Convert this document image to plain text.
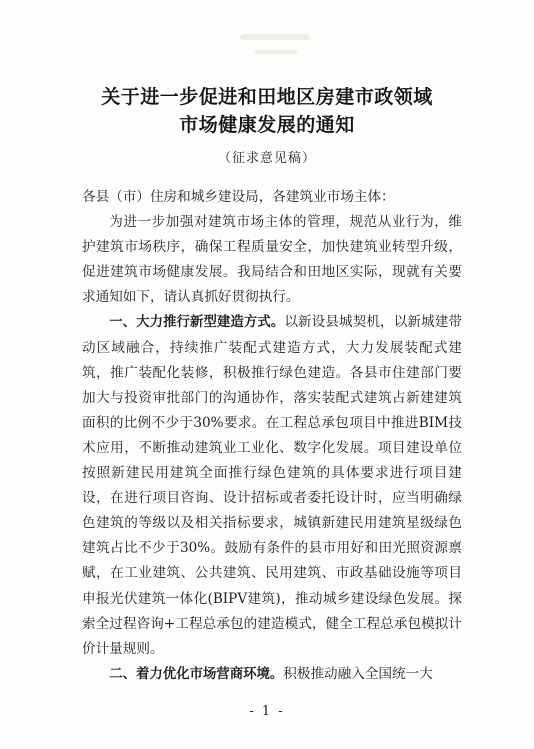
关于进一步促进和田地区房建市政领域
市场健康发展的通知
（征求意见稿）

各县（市）住房和城乡建设局，各建筑业市场主体：

为进一步加强对建筑市场主体的管理，规范从业行为，维护建筑市场秩序，确保工程质量安全，加快建筑业转型升级，促进建筑市场健康发展。我局结合和田地区实际，现就有关要求通知如下，请认真抓好贯彻执行。

一、大力推行新型建造方式。以新设县城契机，以新城建带动区域融合，持续推广装配式建造方式，大力发展装配式建筑，推广装配化装修，积极推行绿色建造。各县市住建部门要加大与投资审批部门的沟通协作，落实装配式建筑占新建建筑面积的比例不少于30%要求。在工程总承包项目中推进BIM技术应用，不断推动建筑业工业化、数字化发展。项目建设单位按照新建民用建筑全面推行绿色建筑的具体要求进行项目建设，在进行项目咨询、设计招标或者委托设计时，应当明确绿色建筑的等级以及相关指标要求，城镇新建民用建筑星级绿色建筑占比不少于30%。鼓励有条件的县市用好和田光照资源禀赋，在工业建筑、公共建筑、民用建筑、市政基础设施等项目申报光伏建筑一体化(BIPV建筑)，推动城乡建设绿色发展。探索全过程咨询+工程总承包的建造模式，健全工程总承包模拟计价计量规则。

二、着力优化市场营商环境。积极推动融入全国统一大

- 1 -
